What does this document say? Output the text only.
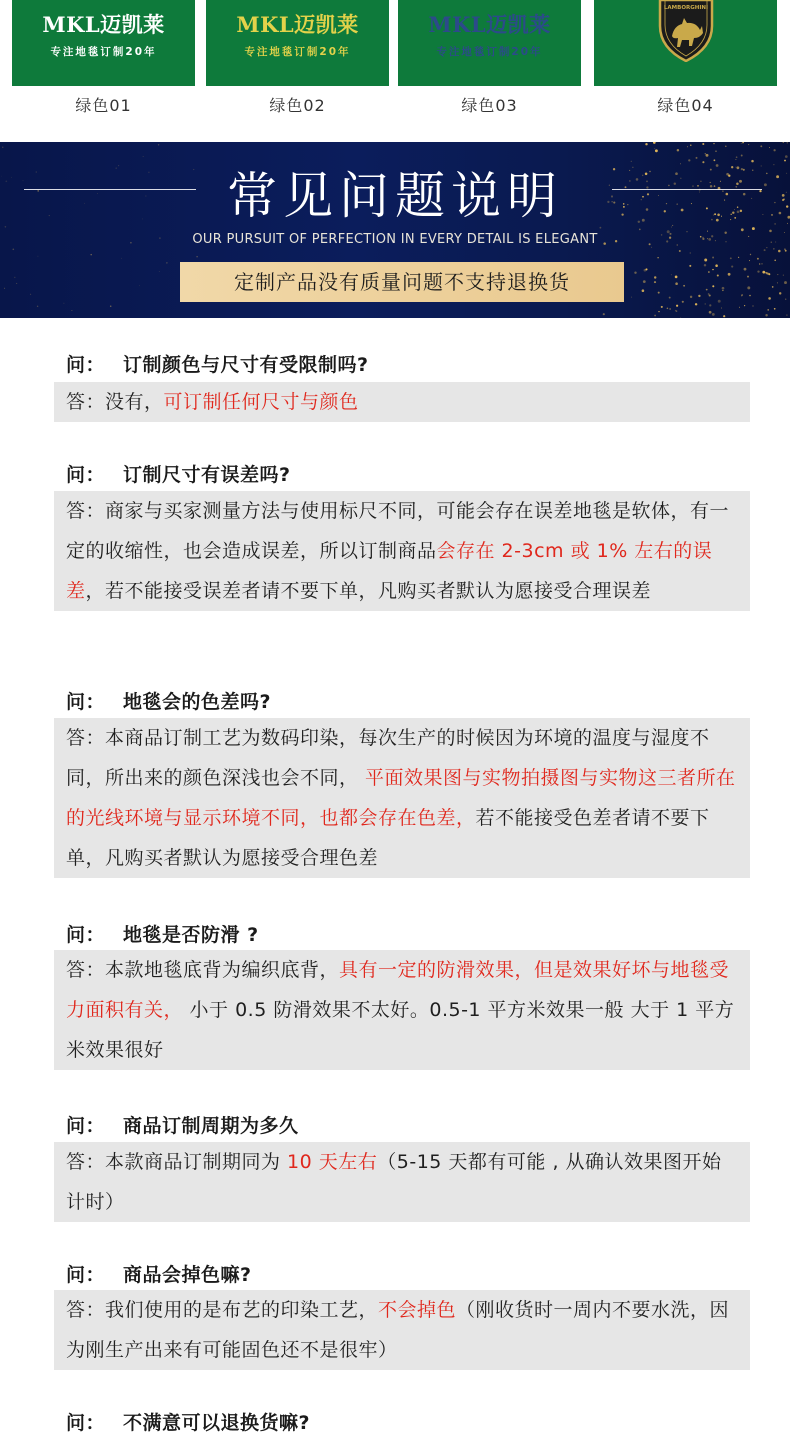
MKL迈凯莱
专注地毯订制20年
绿色01
MKL迈凯莱
专注地毯订制20年
绿色02
MKL迈凯莱
专注地毯订制20年
绿色03
LAMBORGHINI
绿色04
常见问题说明
OUR PURSUIT OF PERFECTION IN EVERY DETAIL IS ELEGANT
定制产品没有质量问题不支持退换货
问： 订制颜色与尺寸有受限制吗?
答：没有，可订制任何尺寸与颜色
问： 订制尺寸有误差吗?
答：商家与买家测量方法与使用标尺不同，可能会存在误差地毯是软体，有一定的收缩性，也会造成误差，所以订制商品会存在 2-3cm 或 1% 左右的误差，若不能接受误差者请不要下单，凡购买者默认为愿接受合理误差
问： 地毯会的色差吗?
答：本商品订制工艺为数码印染，每次生产的时候因为环境的温度与湿度不同，所出来的颜色深浅也会不同， 平面效果图与实物拍摄图与实物这三者所在的光线环境与显示环境不同，也都会存在色差，若不能接受色差者请不要下单，凡购买者默认为愿接受合理色差
问： 地毯是否防滑 ?
答：本款地毯底背为编织底背，具有一定的防滑效果，但是效果好坏与地毯受力面积有关， 小于 0.5 防滑效果不太好。0.5-1 平方米效果一般 大于 1 平方米效果很好
问： 商品订制周期为多久
答：本款商品订制期同为 10 天左右（5-15 天都有可能 , 从确认效果图开始计时）
问： 商品会掉色嘛?
答：我们使用的是布艺的印染工艺，不会掉色（刚收货时一周内不要水洗，因为刚生产出来有可能固色还不是很牢）
问： 不满意可以退换货嘛?
